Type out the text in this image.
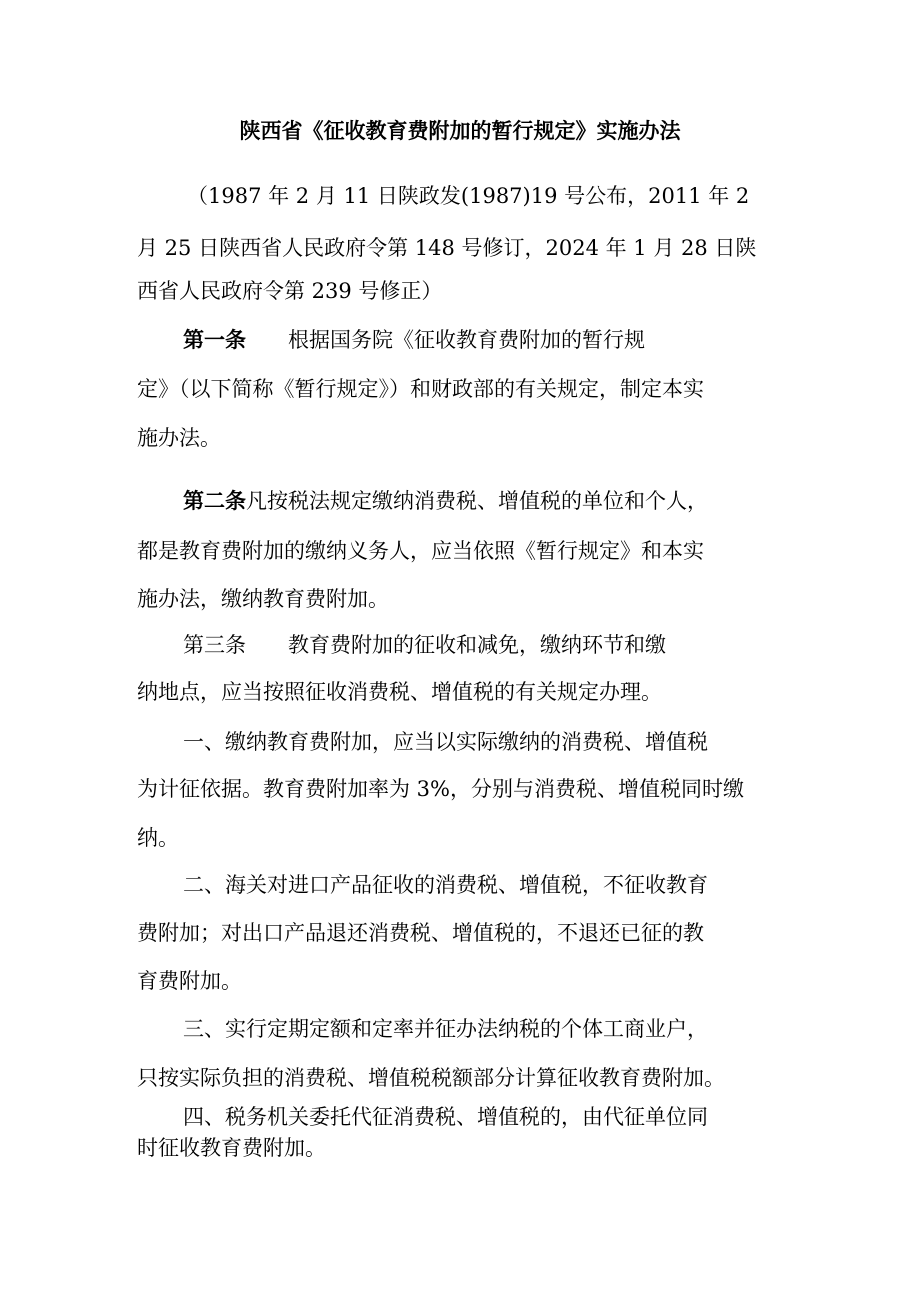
陕西省《征收教育费附加的暂行规定》实施办法

（1987 年 2 月 11 日陕政发(1987)19 号公布，2011 年 2

月 25 日陕西省人民政府令第 148 号修订，2024 年 1 月 28 日陕

西省人民政府令第 239 号修正）

第一条 根据国务院《征收教育费附加的暂行规

定》（以下简称《暂行规定》）和财政部的有关规定，制定本实

施办法。

第二条凡按税法规定缴纳消费税、增值税的单位和个人，

都是教育费附加的缴纳义务人，应当依照《暂行规定》和本实

施办法，缴纳教育费附加。

第三条 教育费附加的征收和减免，缴纳环节和缴

纳地点，应当按照征收消费税、增值税的有关规定办理。

一、缴纳教育费附加，应当以实际缴纳的消费税、增值税

为计征依据。教育费附加率为 3%，分别与消费税、增值税同时缴

纳。

二、海关对进口产品征收的消费税、增值税，不征收教育

费附加；对出口产品退还消费税、增值税的，不退还已征的教

育费附加。

三、实行定期定额和定率并征办法纳税的个体工商业户，

只按实际负担的消费税、增值税税额部分计算征收教育费附加。

四、税务机关委托代征消费税、增值税的，由代征单位同

时征收教育费附加。
